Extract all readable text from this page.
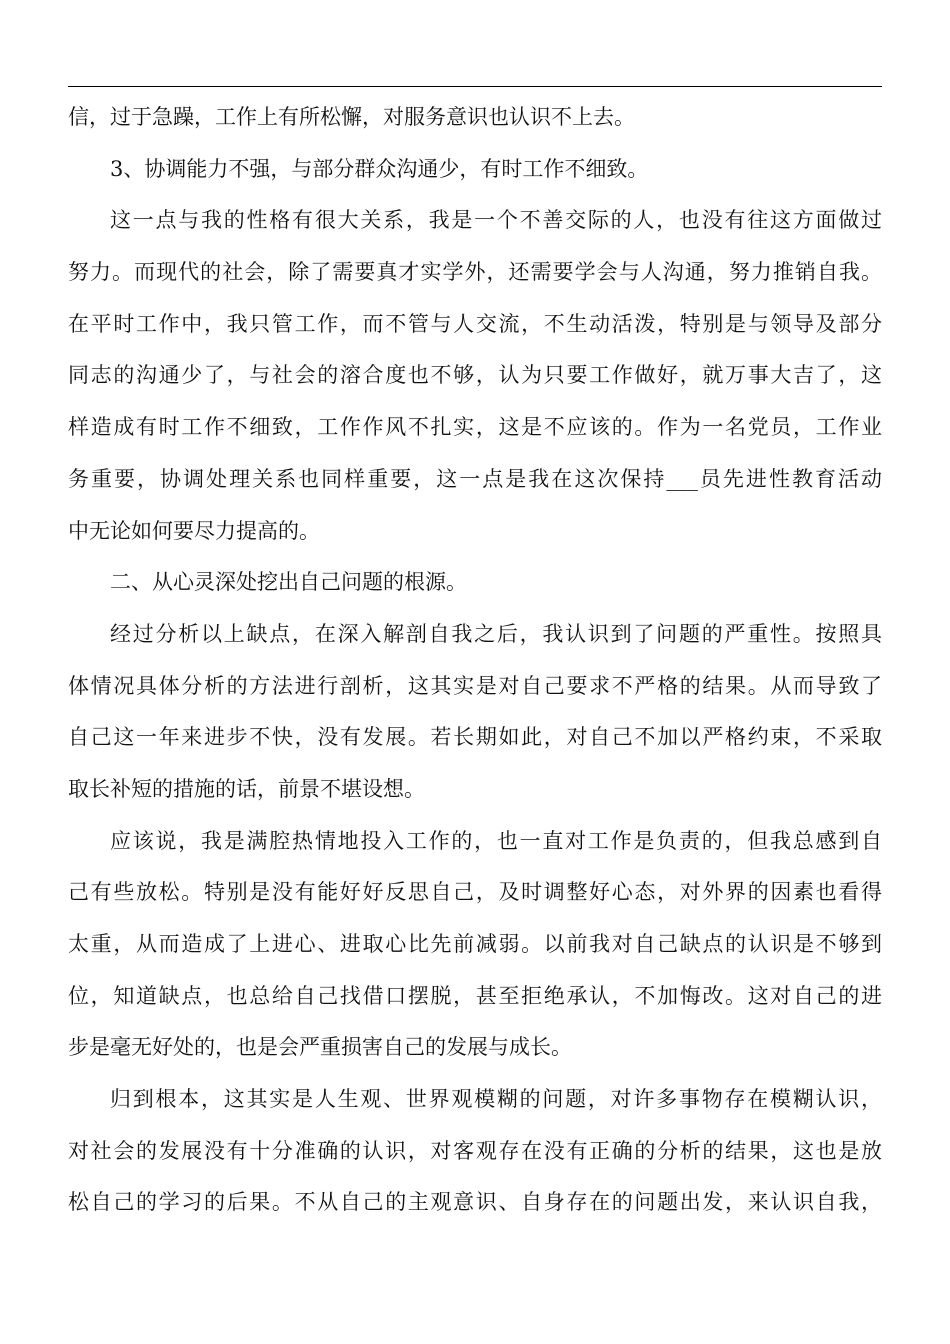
信，过于急躁，工作上有所松懈，对服务意识也认识不上去。
3、协调能力不强，与部分群众沟通少，有时工作不细致。
这一点与我的性格有很大关系，我是一个不善交际的人，也没有往这方面做过
努力。而现代的社会，除了需要真才实学外，还需要学会与人沟通，努力推销自我。
在平时工作中，我只管工作，而不管与人交流，不生动活泼，特别是与领导及部分
同志的沟通少了，与社会的溶合度也不够，认为只要工作做好，就万事大吉了，这
样造成有时工作不细致，工作作风不扎实，这是不应该的。作为一名党员，工作业
务重要，协调处理关系也同样重要，这一点是我在这次保持___员先进性教育活动
中无论如何要尽力提高的。
二、从心灵深处挖出自己问题的根源。
经过分析以上缺点，在深入解剖自我之后，我认识到了问题的严重性。按照具
体情况具体分析的方法进行剖析，这其实是对自己要求不严格的结果。从而导致了
自己这一年来进步不快，没有发展。若长期如此，对自己不加以严格约束，不采取
取长补短的措施的话，前景不堪设想。
应该说，我是满腔热情地投入工作的，也一直对工作是负责的，但我总感到自
己有些放松。特别是没有能好好反思自己，及时调整好心态，对外界的因素也看得
太重，从而造成了上进心、进取心比先前减弱。以前我对自己缺点的认识是不够到
位，知道缺点，也总给自己找借口摆脱，甚至拒绝承认，不加悔改。这对自己的进
步是毫无好处的，也是会严重损害自己的发展与成长。
归到根本，这其实是人生观、世界观模糊的问题，对许多事物存在模糊认识，
对社会的发展没有十分准确的认识，对客观存在没有正确的分析的结果，这也是放
松自己的学习的后果。不从自己的主观意识、自身存在的问题出发，来认识自我，
